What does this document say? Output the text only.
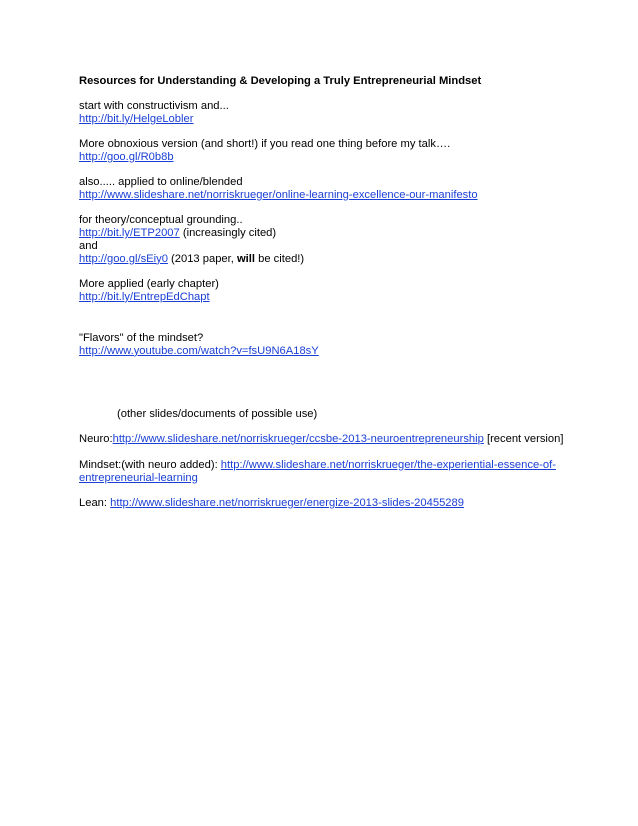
Resources for Understanding & Developing a Truly Entrepreneurial Mindset

start with constructivism and...

http://bit.ly/HelgeLobler

More obnoxious version (and short!) if you read one thing before my talk….

http://goo.gl/R0b8b

also..... applied to online/blended

http://www.slideshare.net/norriskrueger/online-learning-excellence-our-manifesto

for theory/conceptual grounding..

http://bit.ly/ETP2007 (increasingly cited)

and

http://goo.gl/sEiy0 (2013 paper, will be cited!)

More applied (early chapter)

http://bit.ly/EntrepEdChapt

"Flavors" of the mindset?

http://www.youtube.com/watch?v=fsU9N6A18sY

(other slides/documents of possible use)

Neuro:http://www.slideshare.net/norriskrueger/ccsbe-2013-neuroentrepreneurship [recent version]

Mindset:(with neuro added): http://www.slideshare.net/norriskrueger/the-experiential-essence-of-entrepreneurial-learning

Lean: http://www.slideshare.net/norriskrueger/energize-2013-slides-20455289
